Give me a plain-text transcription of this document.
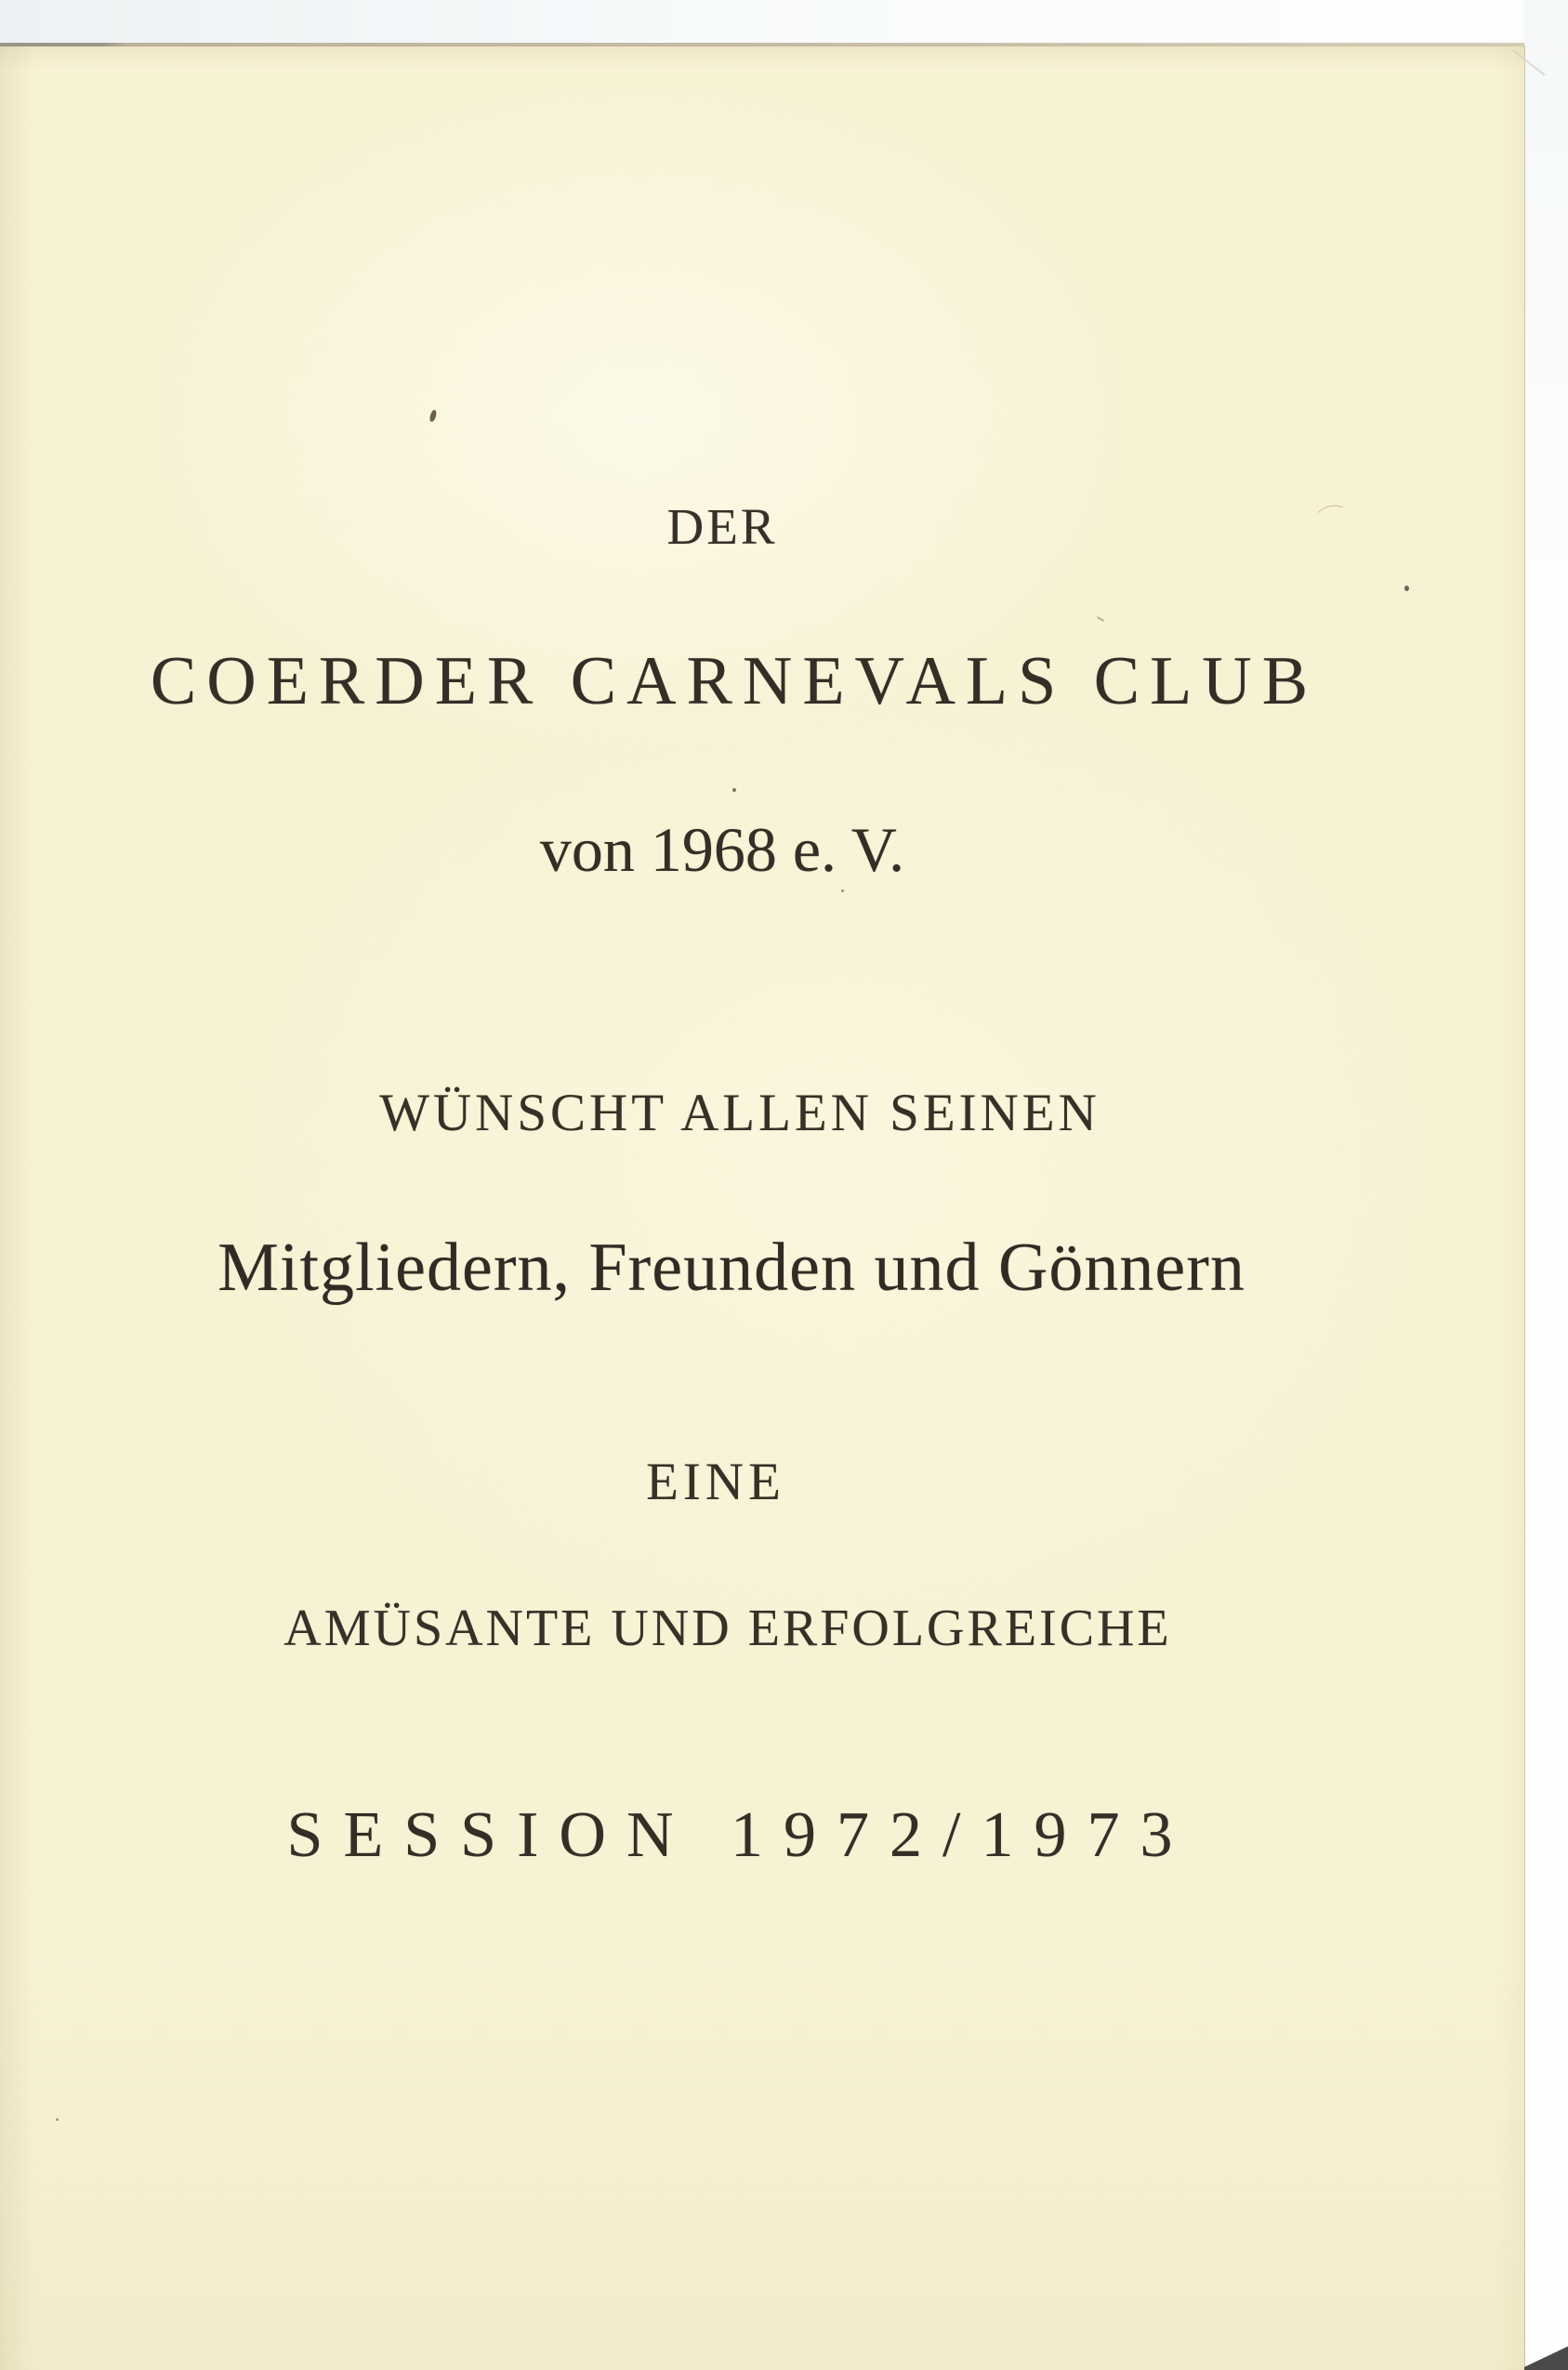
DER

COERDER CARNEVALS CLUB

von 1968 e. V.

WÜNSCHT ALLEN SEINEN

Mitgliedern, Freunden und Gönnern

EINE

AMÜSANTE UND ERFOLGREICHE

SESSION 1972/1973
